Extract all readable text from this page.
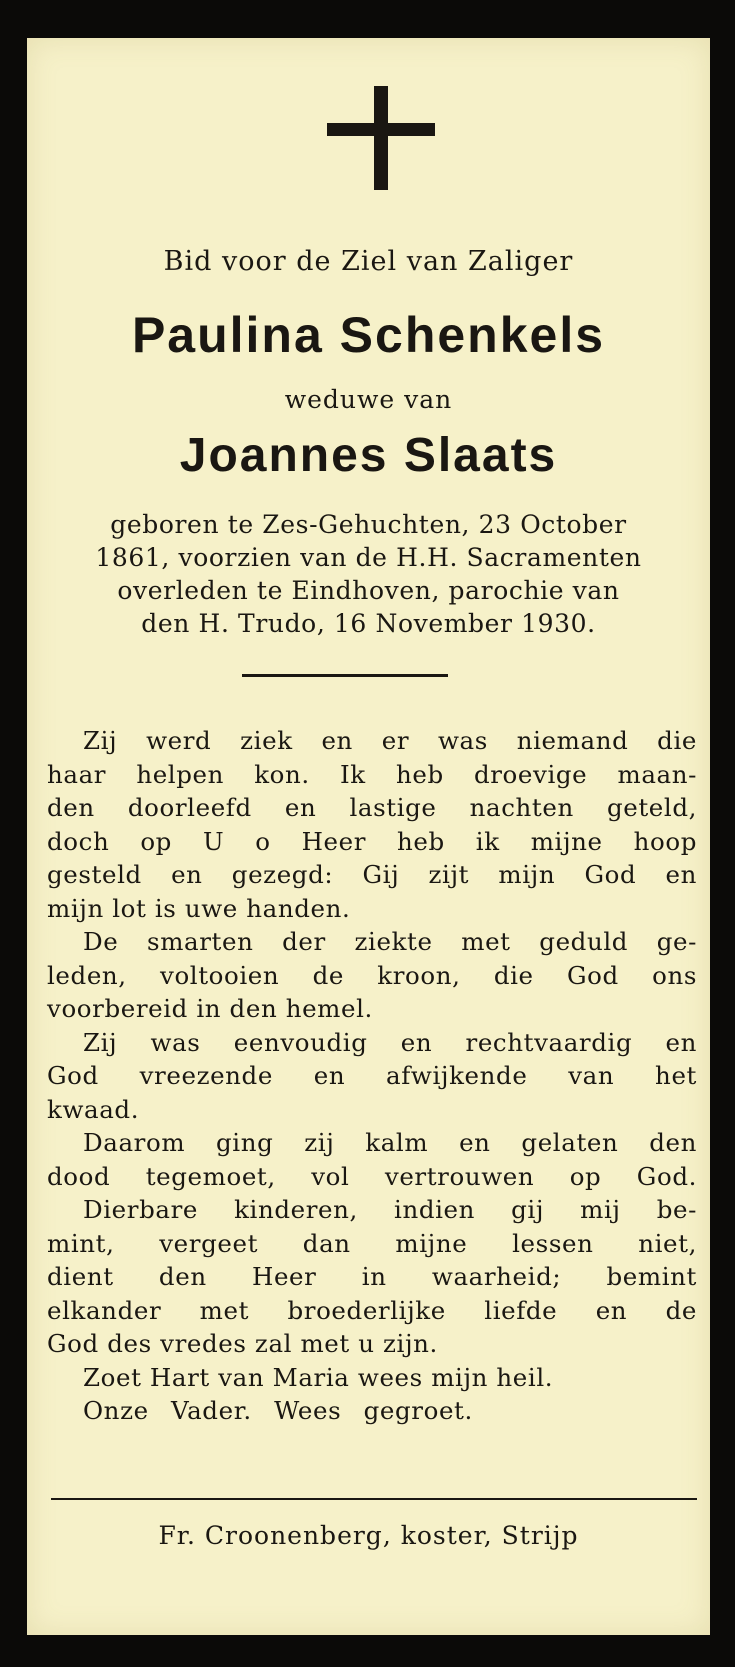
Bid voor de Ziel van Zaliger
Paulina Schenkels
weduwe van
Joannes Slaats
geboren te Zes-Gehuchten, 23 October
1861, voorzien van de H.H. Sacramenten
overleden te Eindhoven, parochie van
den H. Trudo, 16 November 1930.
Zij werd ziek en er was niemand die
haar helpen kon. Ik heb droevige maan-
den doorleefd en lastige nachten geteld,
doch op U o Heer heb ik mijne hoop
gesteld en gezegd: Gij zijt mijn God en
mijn lot is uwe handen.
De smarten der ziekte met geduld ge-
leden, voltooien de kroon, die God ons
voorbereid in den hemel.
Zij was eenvoudig en rechtvaardig en
God vreezende en afwijkende van het
kwaad.
Daarom ging zij kalm en gelaten den
dood tegemoet, vol vertrouwen op God.
Dierbare kinderen, indien gij mij be-
mint, vergeet dan mijne lessen niet,
dient den Heer in waarheid; bemint
elkander met broederlijke liefde en de
God des vredes zal met u zijn.
Zoet Hart van Maria wees mijn heil.
Onze Vader. Wees gegroet.
Fr. Croonenberg, koster, Strijp
